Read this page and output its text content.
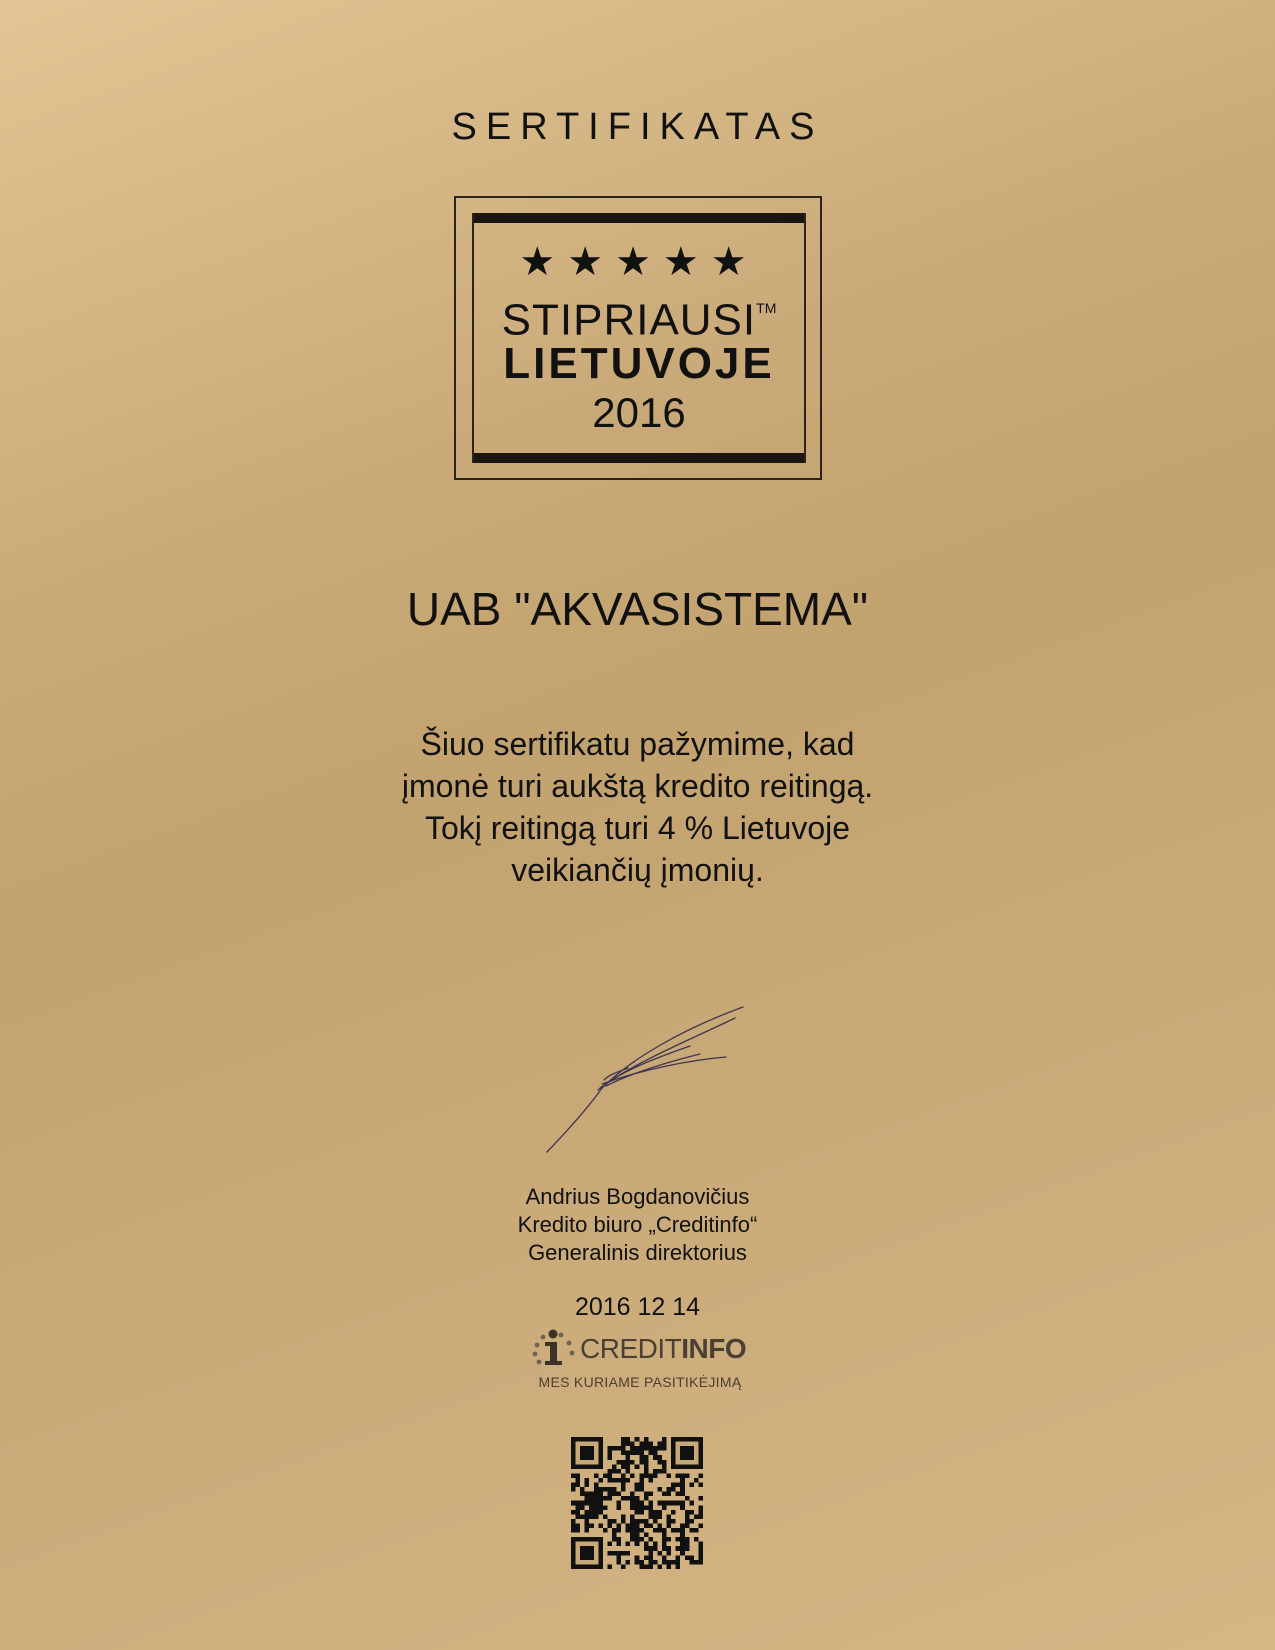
SERTIFIKATAS
★★★★★
STIPRIAUSI™
LIETUVOJE
2016
UAB "AKVASISTEMA"
Šiuo sertifikatu pažymime, kad
įmonė turi aukštą kredito reitingą.
Tokį reitingą turi 4 % Lietuvoje
veikiančių įmonių.
Andrius Bogdanovičius
Kredito biuro „Creditinfo“
Generalinis direktorius
2016 12 14
CREDITINFO
MES KURIAME PASITIKĖJIMĄ
